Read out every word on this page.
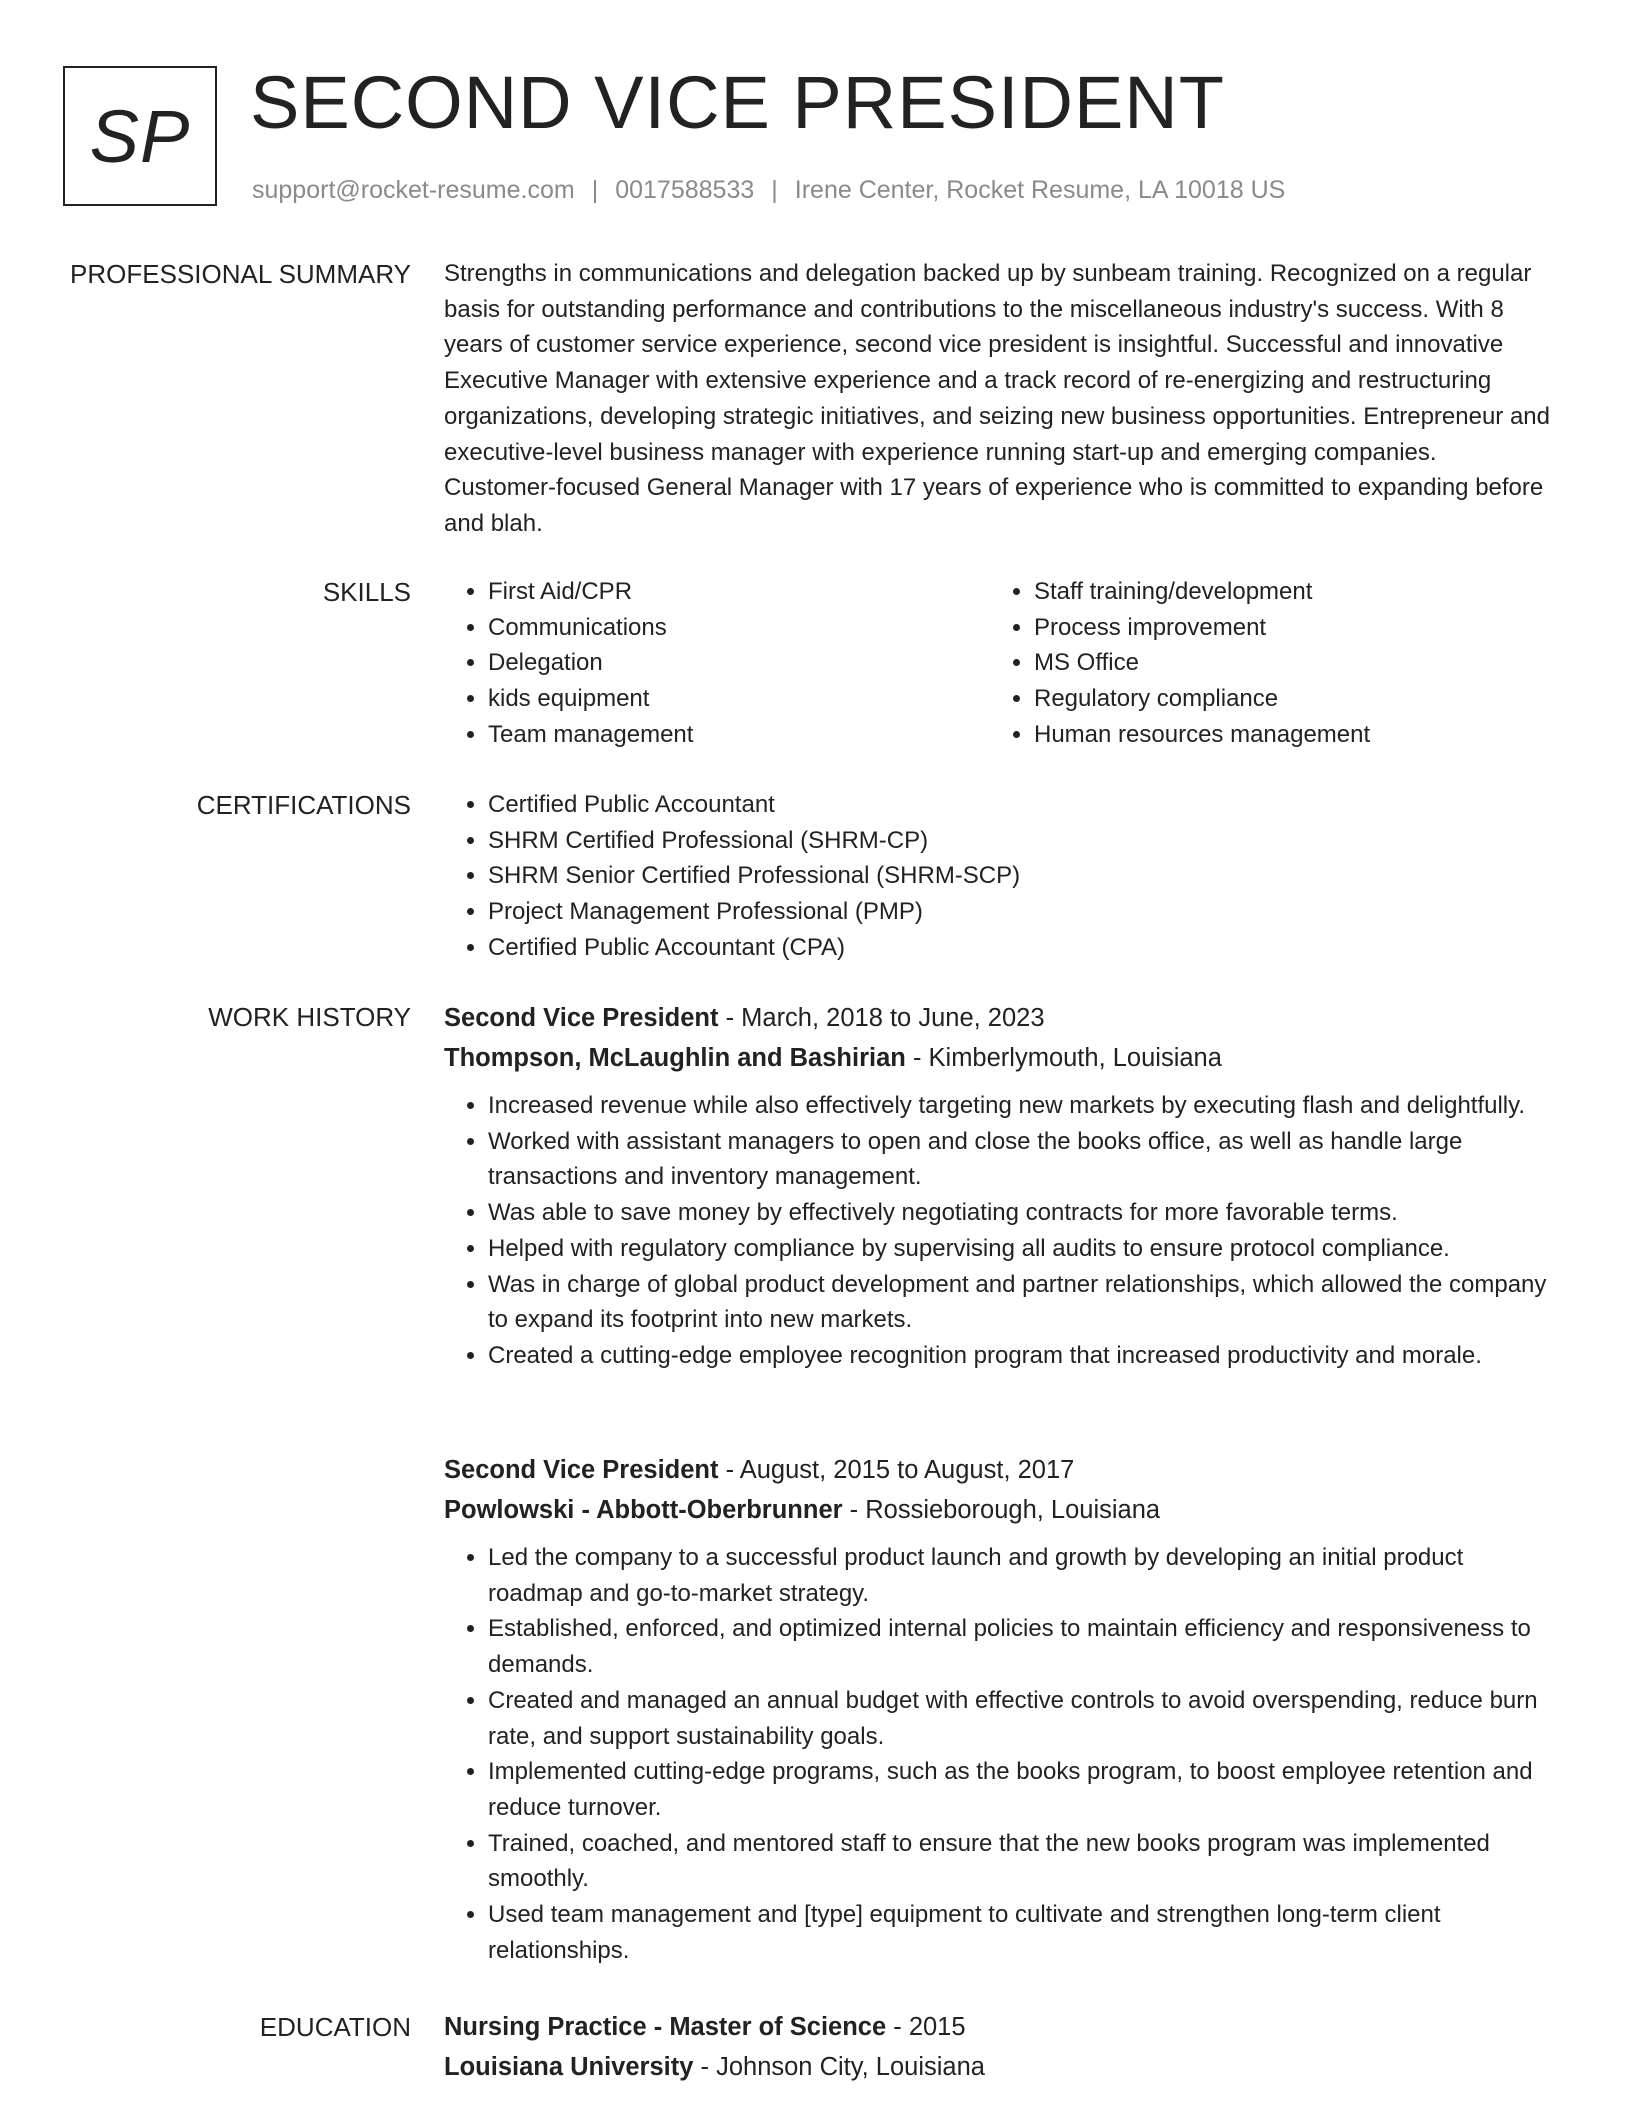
SP SECOND VICE PRESIDENT
support@rocket-resume.com | 0017588533 | Irene Center, Rocket Resume, LA 10018 US
PROFESSIONAL SUMMARY Strengths in communications and delegation backed up by sunbeam training. Recognized on a regular basis for outstanding performance and contributions to the miscellaneous industry's success. With 8 years of customer service experience, second vice president is insightful. Successful and innovative Executive Manager with extensive experience and a track record of re-energizing and restructuring organizations, developing strategic initiatives, and seizing new business opportunities. Entrepreneur and executive-level business manager with experience running start-up and emerging companies. Customer-focused General Manager with 17 years of experience who is committed to expanding before and blah.
SKILLS	• First Aid/CPR
• Communications
• Delegation
• kids equipment
• Team management
• Staff training/development
• Process improvement
• MS Office
• Regulatory compliance
• Human resources management
CERTIFICATIONS	• Certified Public Accountant
• SHRM Certified Professional (SHRM-CP)
• SHRM Senior Certified Professional (SHRM-SCP)
• Project Management Professional (PMP)
• Certified Public Accountant (CPA)
WORK HISTORY Second Vice President - March, 2018 to June, 2023
Thompson, McLaughlin and Bashirian - Kimberlymouth, Louisiana
• Increased revenue while also effectively targeting new markets by executing flash and delightfully.
• Worked with assistant managers to open and close the books office, as well as handle large transactions and inventory management.
• Was able to save money by effectively negotiating contracts for more favorable terms.
• Helped with regulatory compliance by supervising all audits to ensure protocol compliance.
• Was in charge of global product development and partner relationships, which allowed the company to expand its footprint into new markets.
• Created a cutting-edge employee recognition program that increased productivity and morale.
Second Vice President - August, 2015 to August, 2017
Powlowski - Abbott-Oberbrunner - Rossieborough, Louisiana
• Led the company to a successful product launch and growth by developing an initial product roadmap and go-to-market strategy.
• Established, enforced, and optimized internal policies to maintain efficiency and responsiveness to demands.
• Created and managed an annual budget with effective controls to avoid overspending, reduce burn rate, and support sustainability goals.
• Implemented cutting-edge programs, such as the books program, to boost employee retention and reduce turnover.
• Trained, coached, and mentored staff to ensure that the new books program was implemented smoothly.
• Used team management and [type] equipment to cultivate and strengthen long-term client relationships.
EDUCATION Nursing Practice - Master of Science - 2015
Louisiana University - Johnson City, Louisiana
